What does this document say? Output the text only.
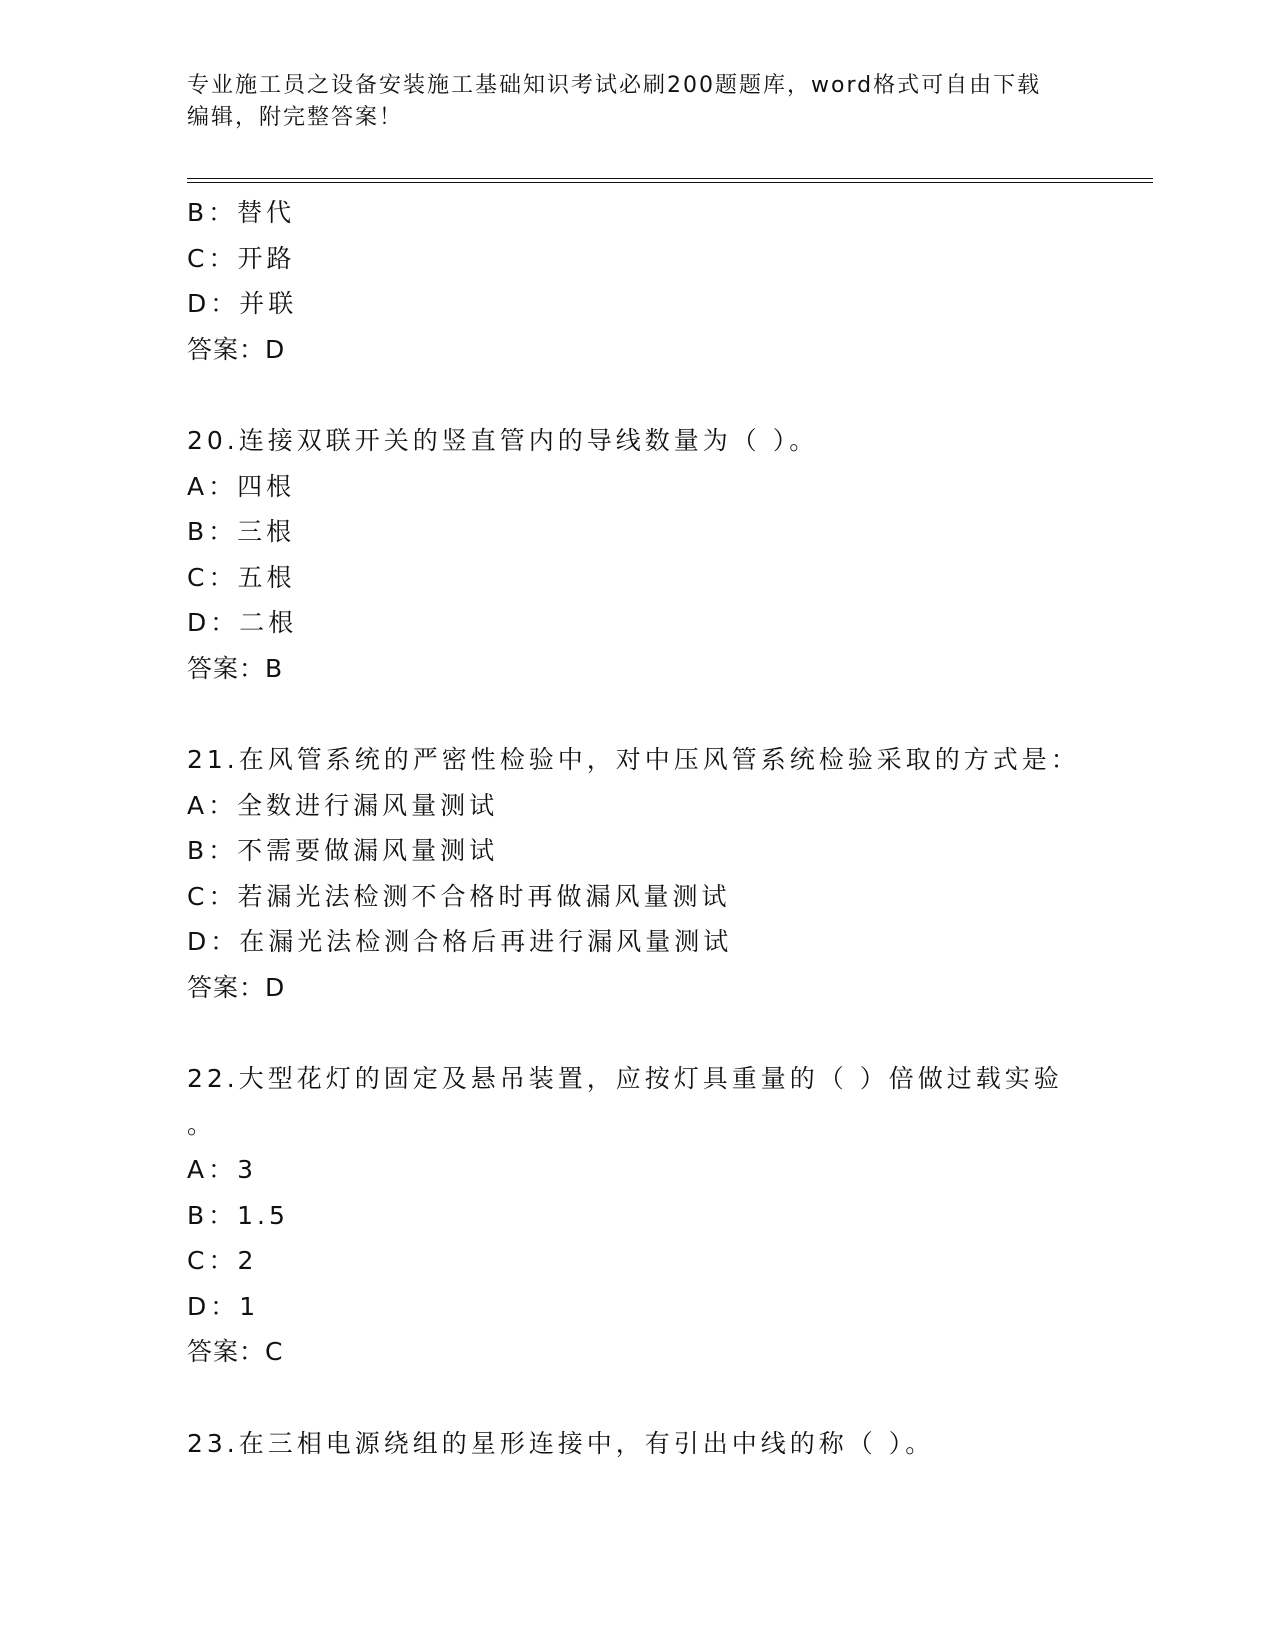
专业施工员之设备安装施工基础知识考试必刷200题题库，word格式可自由下载
编辑，附完整答案！
B：替代
C：开路
D：并联
答案：D
20.连接双联开关的竖直管内的导线数量为（ ）。
A：四根
B：三根
C：五根
D：二根
答案：B
21.在风管系统的严密性检验中，对中压风管系统检验采取的方式是：
A：全数进行漏风量测试
B：不需要做漏风量测试
C：若漏光法检测不合格时再做漏风量测试
D：在漏光法检测合格后再进行漏风量测试
答案：D
22.大型花灯的固定及悬吊装置，应按灯具重量的（ ）倍做过载实验
。
A：3
B：1.5
C：2
D：1
答案：C
23.在三相电源绕组的星形连接中，有引出中线的称（ ）。
